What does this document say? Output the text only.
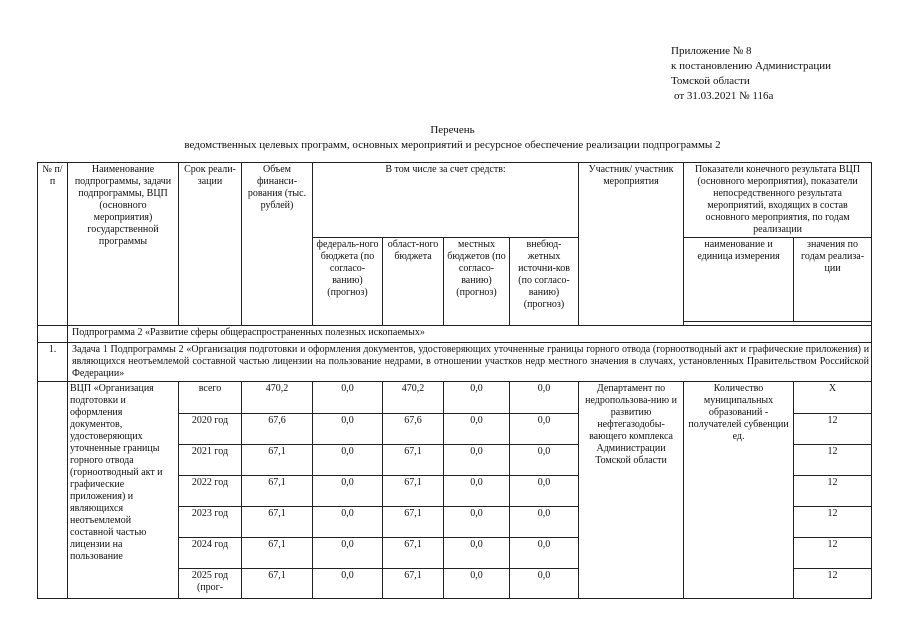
Приложение № 8
к постановлению Администрации
Томской области
от 31.03.2021 № 116а
Перечень
ведомственных целевых программ, основных мероприятий и ресурсное обеспечение реализации подпрограммы 2
№ п/п	Наименование подпрограммы, задачи подпрограммы, ВЦП (основного мероприятия) государственной программы	Срок реали-зации	Объем финанси-рования (тыс. рублей)	В том числе за счет средств:				Участник/ участник мероприятия	Показатели конечного результата ВЦП (основного мероприятия), показатели непосредственного результата мероприятий, входящих в состав основного мероприятия, по годам реализации	
				федераль-ного бюджета (по согласо-ванию) (прогноз)	област-ного бюджета	местных бюджетов (по согласо-ванию) (прогноз)	внебюд-жетных источни-ков (по согласо-ванию) (прогноз)		наименование и единица измерения	значения по годам реализа-ции

	Подпрограмма 2 «Развитие сферы общераспространенных полезных ископаемых»									
1.	Задача 1 Подпрограммы 2 «Организация подготовки и оформления документов, удостоверяющих уточненные границы горного отвода (горноотводный акт и графические приложения) и являющихся неотъемлемой составной частью лицензии на пользование недрами, в отношении участков недр местного значения в случаях, установленных Правительством Российской Федерации»									
	ВЦП «Организация подготовки и оформления документов, удостоверяющих уточненные границы горного отвода (горноотводный акт и графические приложения) и являющихся неотъемлемой составной частью лицензии на пользование	всего	470,2	0,0	470,2	0,0	0,0	Департамент по недропользова-нию и развитию нефтегазодобы-вающего комплекса Администрации Томской области	Количество муниципальных образований - получателей субвенции ед.	X
		2020 год	67,6	0,0	67,6	0,0	0,0			12
		2021 год	67,1	0,0	67,1	0,0	0,0			12
		2022 год	67,1	0,0	67,1	0,0	0,0			12
		2023 год	67,1	0,0	67,1	0,0	0,0			12
		2024 год	67,1	0,0	67,1	0,0	0,0			12
		2025 год (прог-	67,1	0,0	67,1	0,0	0,0			12
